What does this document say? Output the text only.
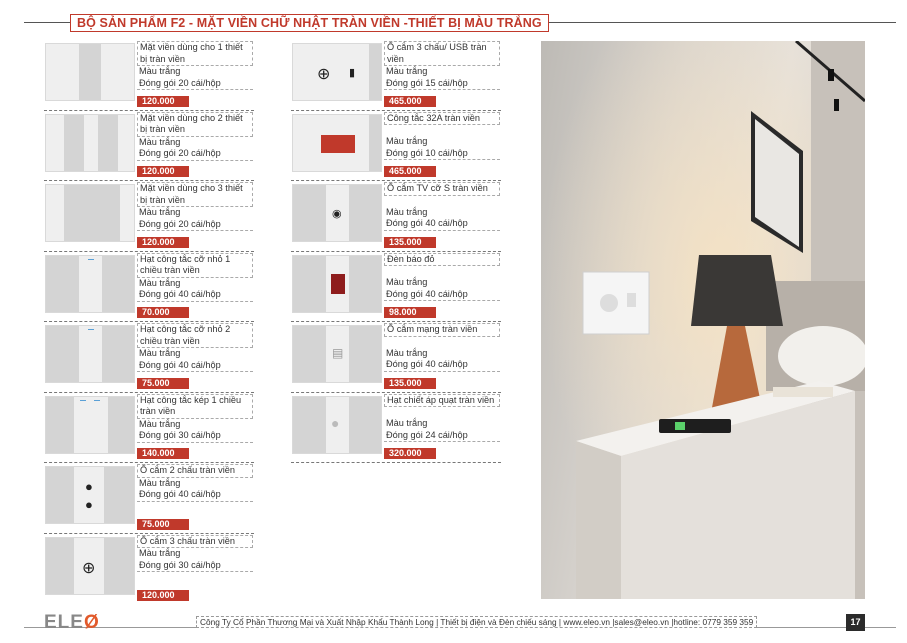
BỘ SẢN PHẨM F2 - MẶT VIỀN CHỮ NHẬT TRÀN VIỀN -THIẾT BỊ MÀU TRẮNG
Mặt viền dùng cho 1 thiết bị tràn viền
Màu trắng
Đóng gói 20 cái/hộp
120.000
Mặt viền dùng cho 2 thiết bị tràn viền
Màu trắng
Đóng gói 20 cái/hộp
120.000
Mặt viền dùng cho 3 thiết bị tràn viền
Màu trắng
Đóng gói 20 cái/hộp
120.000
Hạt công tắc cỡ nhỏ 1 chiều tràn viền
Màu trắng
Đóng gói 40 cái/hộp
70.000
Hạt công tắc cỡ nhỏ 2 chiều tràn viền
Màu trắng
Đóng gói 40 cái/hộp
75.000
Hạt công tắc kép 1 chiều tràn viền
Màu trắng
Đóng gói 30 cái/hộp
140.000
●
●
Ổ cắm 2 chấu tràn viền
Màu trắng
Đóng gói 40 cái/hộp
75.000
⊕
Ổ cắm 3 chấu tràn viền
Màu trắng
Đóng gói 30 cái/hộp
120.000
⊕ ▮
Ổ cắm 3 chấu/ USB tràn viền
Màu trắng
Đóng gói 15 cái/hộp
465.000
Công tắc 32A tràn viền
Màu trắng
Đóng gói 10 cái/hộp
465.000
◉
Ổ cắm TV cỡ S tràn viền
Màu trắng
Đóng gói 40 cái/hộp
135.000
Đèn báo đỏ
Màu trắng
Đóng gói 40 cái/hộp
98.000
▤
Ổ cắm mạng tràn viền
Màu trắng
Đóng gói 40 cái/hộp
135.000
●
Hạt chiết áp quạt tràn viền
Màu trắng
Đóng gói 24 cái/hộp
320.000
ELEØ	Công Ty Cổ Phần Thương Mại và Xuất Nhập Khẩu Thành Long | Thiết bị điện và Đèn chiếu sáng | www.eleo.vn |sales@eleo.vn |hotline: 0779 359 359	17
